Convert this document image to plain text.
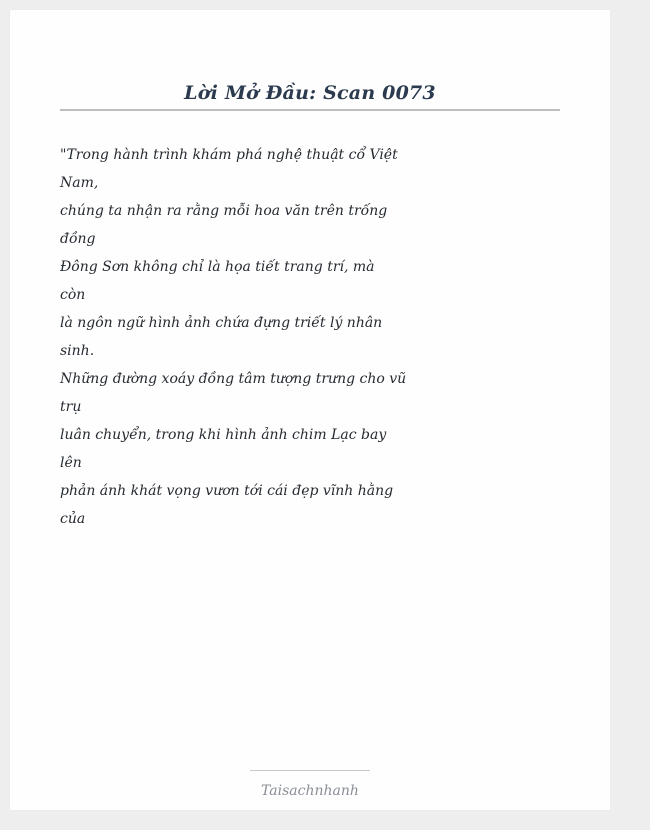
Lời Mở Đầu: Scan 0073
"Trong hành trình khám phá nghệ thuật cổ Việt
Nam,
chúng ta nhận ra rằng mỗi hoa văn trên trống
đồng
Đông Sơn không chỉ là họa tiết trang trí, mà
còn
là ngôn ngữ hình ảnh chứa đựng triết lý nhân
sinh.
Những đường xoáy đồng tâm tượng trưng cho vũ
trụ
luân chuyển, trong khi hình ảnh chim Lạc bay
lên
phản ánh khát vọng vươn tới cái đẹp vĩnh hằng
của
Taisachnhanh
